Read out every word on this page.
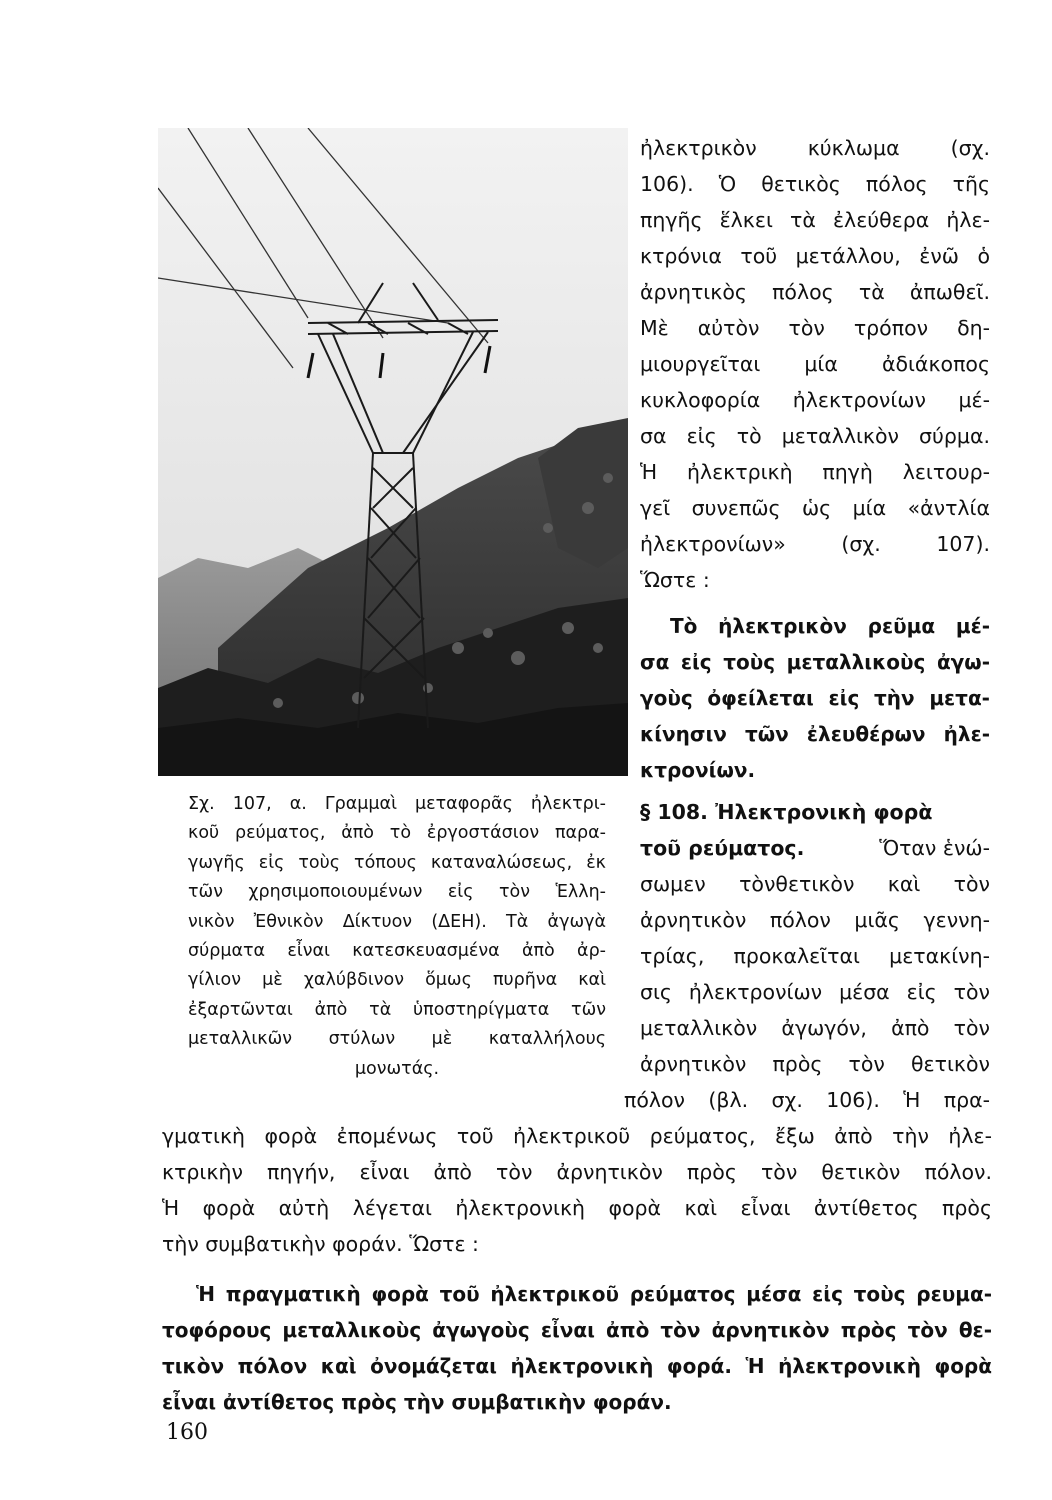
Σχ. 107, α. Γραμμαὶ μεταφορᾶς ἠλεκτρι-
κοῦ ρεύματος, ἀπὸ τὸ ἐργοστάσιον παρα-
γωγῆς εἰς τοὺς τόπους καταναλώσεως, ἐκ
τῶν χρησιμοποιουμένων εἰς τὸν Ἑλλη-
νικὸν Ἐθνικὸν Δίκτυον (ΔΕΗ). Τὰ ἀγωγὰ
σύρματα εἶναι κατεσκευασμένα ἀπὸ ἀρ-
γίλιον μὲ χαλύβδινον ὅμως πυρῆνα καὶ
ἐξαρτῶνται ἀπὸ τὰ ὑποστηρίγματα τῶν
μεταλλικῶν στύλων μὲ καταλλήλους
μονωτάς.
ἠλεκτρικὸν κύκλωμα (σχ.
106). Ὁ θετικὸς πόλος τῆς
πηγῆς ἕλκει τὰ ἐλεύθερα ἠλε-
κτρόνια τοῦ μετάλλου, ἐνῶ ὁ
ἀρνητικὸς πόλος τὰ ἀπωθεῖ.
Μὲ αὐτὸν τὸν τρόπον δη-
μιουργεῖται μία ἀδιάκοπος
κυκλοφορία ἠλεκτρονίων μέ-
σα εἰς τὸ μεταλλικὸν σύρμα.
Ἡ ἠλεκτρικὴ πηγὴ λειτουρ-
γεῖ συνεπῶς ὡς μία «ἀντλία
ἠλεκτρονίων» (σχ. 107).
Ὥστε :
Τὸ ἠλεκτρικὸν ρεῦμα μέ-
σα εἰς τοὺς μεταλλικοὺς ἀγω-
γοὺς ὀφείλεται εἰς τὴν μετα-
κίνησιν τῶν ἐλευθέρων ἠλε-
κτρονίων.
§ 108. Ἠλεκτρονικὴ φορὰ
τοῦ ρεύματος.	Ὅταν ἑνώ-
σωμεν τὸνθετικὸν καὶ τὸν
ἀρνητικὸν πόλον μιᾶς γεννη-
τρίας, προκαλεῖται μετακίνη-
σις ἠλεκτρονίων μέσα εἰς τὸν
μεταλλικὸν ἀγωγόν, ἀπὸ τὸν
ἀρνητικὸν πρὸς τὸν θετικὸν
πόλον (βλ. σχ. 106). Ἡ πρα-
γματικὴ φορὰ ἐπομένως τοῦ ἠλεκτρικοῦ ρεύματος, ἔξω ἀπὸ τὴν ἠλε-
κτρικὴν πηγήν, εἶναι ἀπὸ τὸν ἀρνητικὸν πρὸς τὸν θετικὸν πόλον.
Ἡ φορὰ αὐτὴ λέγεται ἠλεκτρονικὴ φορὰ καὶ εἶναι ἀντίθετος πρὸς
τὴν συμβατικὴν φοράν. Ὥστε :
Ἡ πραγματικὴ φορὰ τοῦ ἠλεκτρικοῦ ρεύματος μέσα εἰς τοὺς ρευμα-
τοφόρους μεταλλικοὺς ἀγωγοὺς εἶναι ἀπὸ τὸν ἀρνητικὸν πρὸς τὸν θε-
τικὸν πόλον καὶ ὀνομάζεται ἠλεκτρονικὴ φορά. Ἡ ἠλεκτρονικὴ φορὰ
εἶναι ἀντίθετος πρὸς τὴν συμβατικὴν φοράν.
160
